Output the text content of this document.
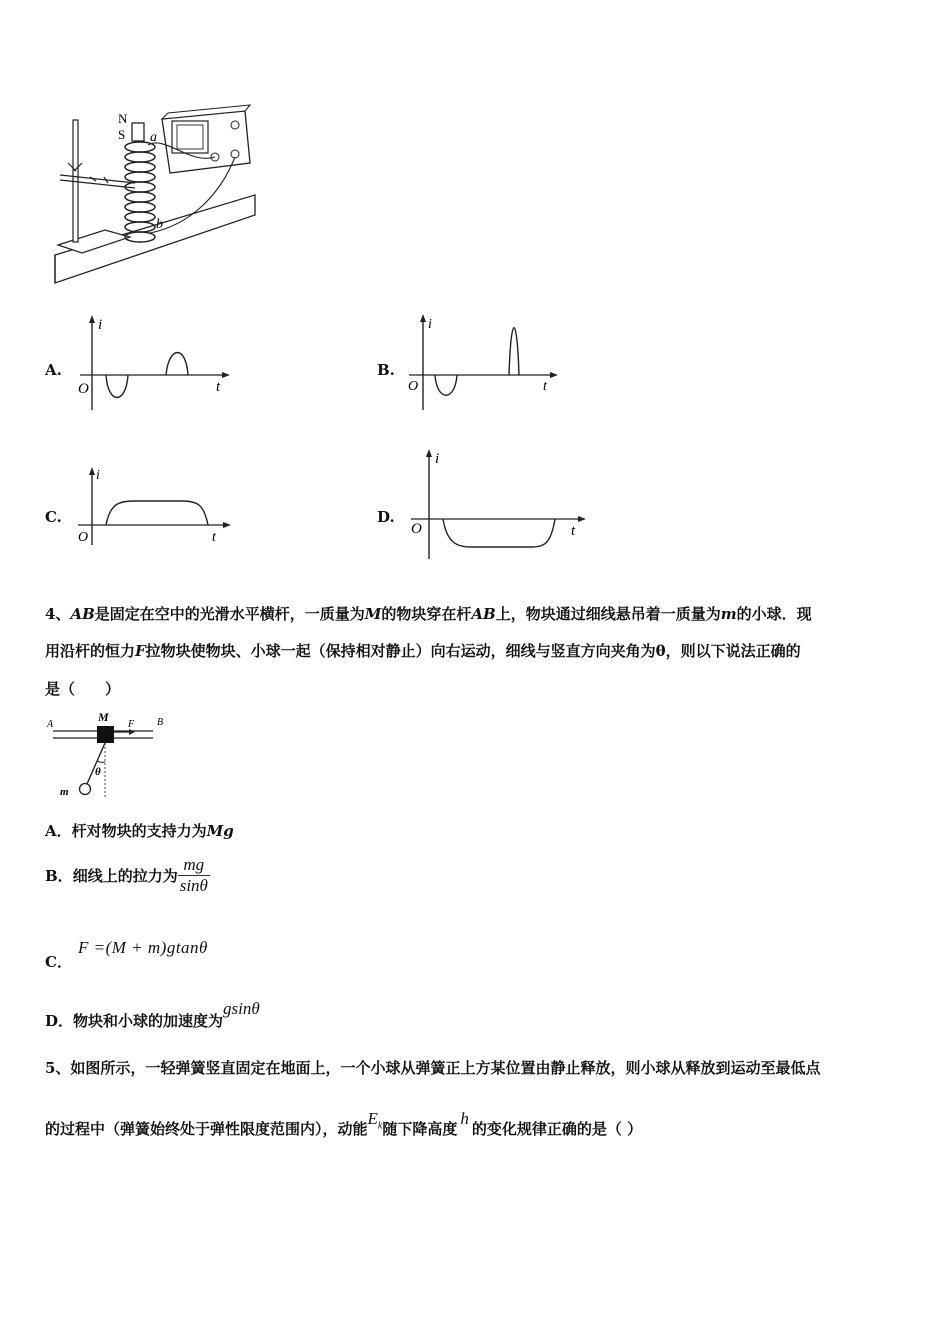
N
S a
b
A.
i
O	t
B.
i
O	t
C.
i
O	t
D.
i
O	t
4、AB是固定在空中的光滑水平横杆，一质量为M的物块穿在杆AB上，物块通过细线悬吊着一质量为m的小球．现
用沿杆的恒力F拉物块使物块、小球一起（保持相对静止）向右运动，细线与竖直方向夹角为θ，则以下说法正确的
是（　　）
A	B
M
F
θ
m
A．杆对物块的支持力为Mg
B．细线上的拉力为 $\frac{mg}{\sin\theta}$
C．
F =(M + m)gtanθ
D．物块和小球的加速度为gsinθ
5、如图所示，一轻弹簧竖直固定在地面上，一个小球从弹簧正上方某位置由静止释放，则小球从释放到运动至最低点
的过程中（弹簧始终处于弹性限度范围内），动能$E_k$随下降高度h的变化规律正确的是（ ）
